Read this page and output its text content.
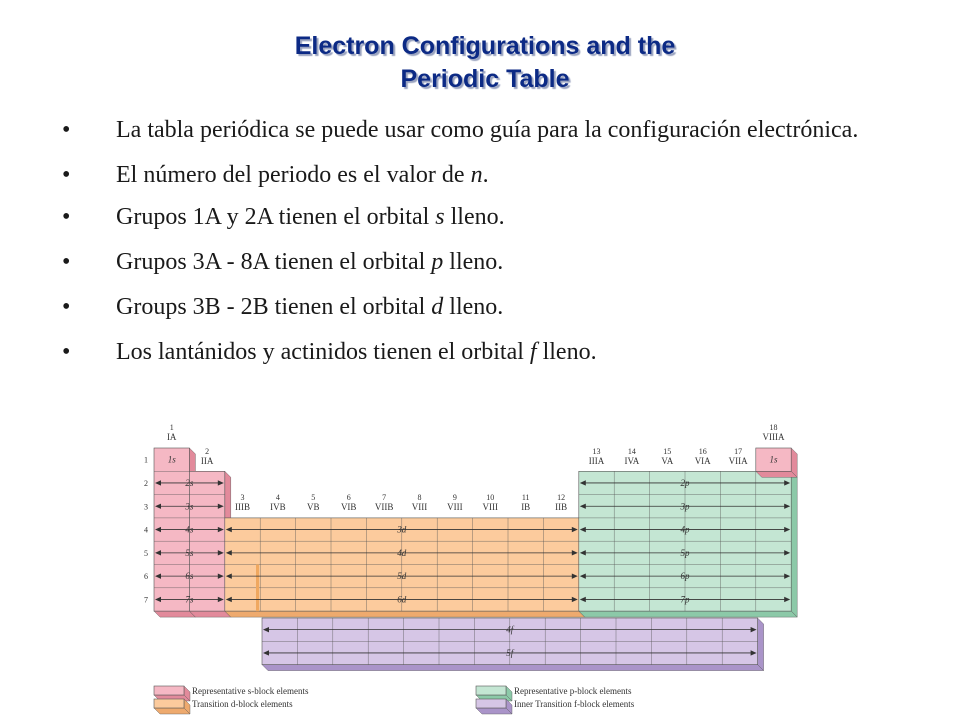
Electron Configurations and the
Periodic Table
• La tabla periódica se puede usar como guía para la configuración electrónica.
• El número del periodo es el valor de n.
• Grupos 1A y 2A tienen el orbital s lleno.
• Grupos 3A - 8A tienen el orbital p lleno.
• Groups 3B - 2B tienen el orbital d lleno.
• Los lantánidos y actinidos tienen el orbital f lleno.
1
2
3
4
5
6
7
1
IA
2
IIA
3
IIIB
4
IVB
5
VB
6
VIB
7
VIIB
8
VIII
9
VIII
10
VIII
11
IB
12
IIB
13
IIIA
14
IVA
15
VA
16
VIA
17
VIIA
18
VIIIA
1s
2s
3s
4s
5s
6s
7s
1s
2p
3p
4p
5p
6p
7p
3d
4d
5d
6d
4f
5f
Representative s-block elements
Transition d-block elements
Representative p-block elements
Inner Transition f-block elements
